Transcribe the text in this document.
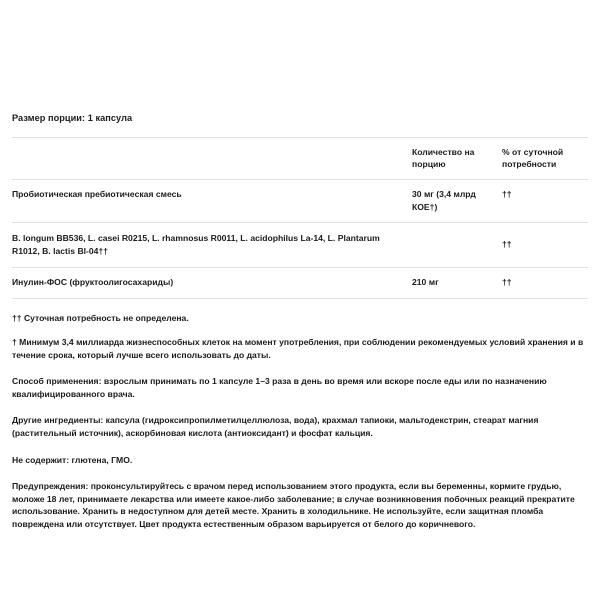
Размер порции: 1 капсула

	Количество на порцию	% от суточной потребности
Пробиотическая пребиотическая смесь	30 мг (3,4 млрд КОЕ†)	††
B. longum BB536, L. casei R0215, L. rhamnosus R0011, L. acidophilus La-14, L. Plantarum R1012, B. lactis Bl-04††		††
Инулин-ФОС (фруктоолигосахариды)	210 мг	††

†† Суточная потребность не определена.

† Минимум 3,4 миллиарда жизнеспособных клеток на момент употребления, при соблюдении рекомендуемых условий хранения и в течение срока, который лучше всего использовать до даты.

Способ применения: взрослым принимать по 1 капсуле 1–3 раза в день во время или вскоре после еды или по назначению квалифицированного врача.

Другие ингредиенты: капсула (гидроксипропилметилцеллюлоза, вода), крахмал тапиоки, мальтодекстрин, стеарат магния (растительный источник), аскорбиновая кислота (антиоксидант) и фосфат кальция.

Не содержит: глютена, ГМО.

Предупреждения: проконсультируйтесь с врачом перед использованием этого продукта, если вы беременны, кормите грудью, моложе 18 лет, принимаете лекарства или имеете какое-либо заболевание; в случае возникновения побочных реакций прекратите использование. Хранить в недоступном для детей месте. Хранить в холодильнике. Не используйте, если защитная пломба повреждена или отсутствует. Цвет продукта естественным образом варьируется от белого до коричневого.
